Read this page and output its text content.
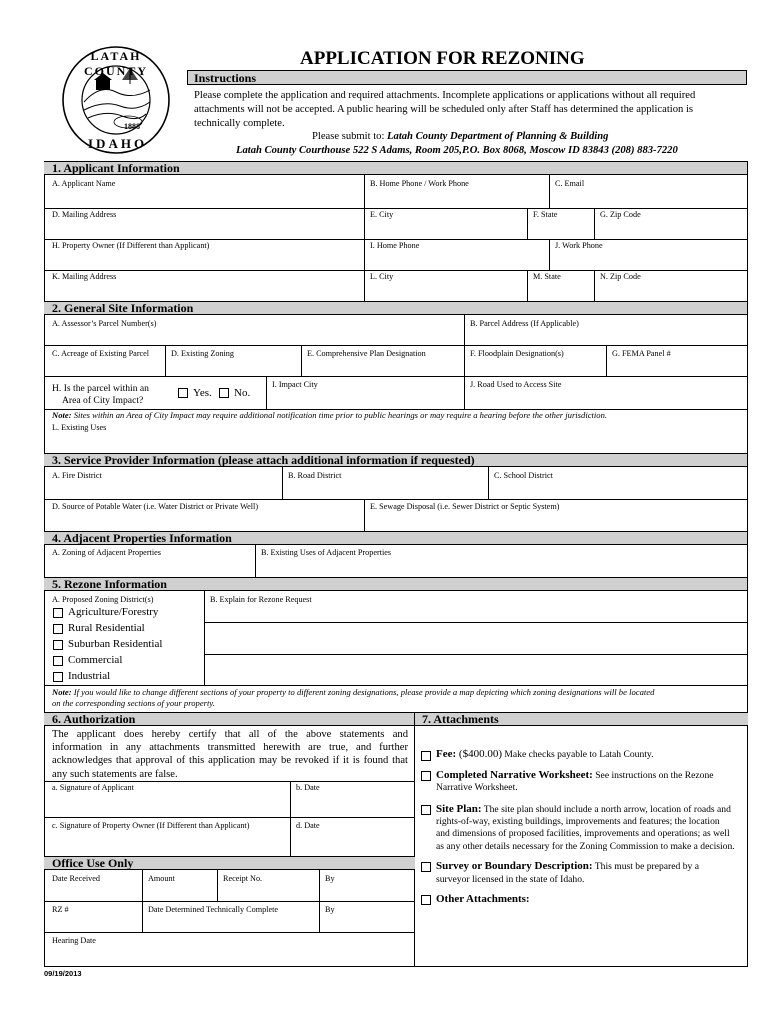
LATAH COUNTY
1888
IDAHO
APPLICATION FOR REZONING
Instructions
Please complete the application and required attachments. Incomplete applications or applications without all required
attachments will not be accepted. A public hearing will be scheduled only after Staff has determined the application is
technically complete.
Please submit to: Latah County Department of Planning & Building
Latah County Courthouse 522 S Adams, Room 205,P.O. Box 8068, Moscow ID 83843 (208) 883-7220
1. Applicant Information
A. Applicant Name	B. Home Phone / Work Phone	C. Email
D. Mailing Address	E. City	F. State	G. Zip Code
H. Property Owner (If Different than Applicant)	I. Home Phone	J. Work Phone
K. Mailing Address	L. City	M. State	N. Zip Code
2. General Site Information
A. Assessor’s Parcel Number(s)	B. Parcel Address (If Applicable)
C. Acreage of Existing Parcel	D. Existing Zoning	E. Comprehensive Plan Designation	F. Floodplain Designation(s)	G. FEMA Panel #
H. Is the parcel within an
Area of City Impact?
Yes. No.
I. Impact City	J. Road Used to Access Site
Note: Sites within an Area of City Impact may require additional notification time prior to public hearings or may require a hearing before the other jurisdiction.
L. Existing Uses
3. Service Provider Information (please attach additional information if requested)
A. Fire District	B. Road District	C. School District
D. Source of Potable Water (i.e. Water District or Private Well)	E. Sewage Disposal (i.e. Sewer District or Septic System)
4. Adjacent Properties Information
A. Zoning of Adjacent Properties	B. Existing Uses of Adjacent Properties
5. Rezone Information
A. Proposed Zoning District(s)	B. Explain for Rezone Request
Agriculture/Forestry
Rural Residential
Suburban Residential
Commercial
Industrial
Note: If you would like to change different sections of your property to different zoning designations, please provide a map depicting which zoning designations will be located
on the corresponding sections of your property.
6. Authorization	7. Attachments
The applicant does hereby certify that all of the above statements and
information in any attachments transmitted herewith are true, and further
acknowledges that approval of this application may be revoked if it is found that
any such statements are false.
a. Signature of Applicant	b. Date
c. Signature of Property Owner (If Different than Applicant)	d. Date
Office Use Only
Date Received	Amount	Receipt No.	By
RZ #	Date Determined Technically Complete	By
Hearing Date
Fee: ($400.00) Make checks payable to Latah County.
Completed Narrative Worksheet: See instructions on the Rezone
Narrative Worksheet.
Site Plan: The site plan should include a north arrow, location of roads and
rights-of-way, existing buildings, improvements and features; the location
and dimensions of proposed facilities, improvements and operations; as well
as any other details necessary for the Zoning Commission to make a decision.
Survey or Boundary Description: This must be prepared by a
surveyor licensed in the state of Idaho.
Other Attachments:
09/19/2013
